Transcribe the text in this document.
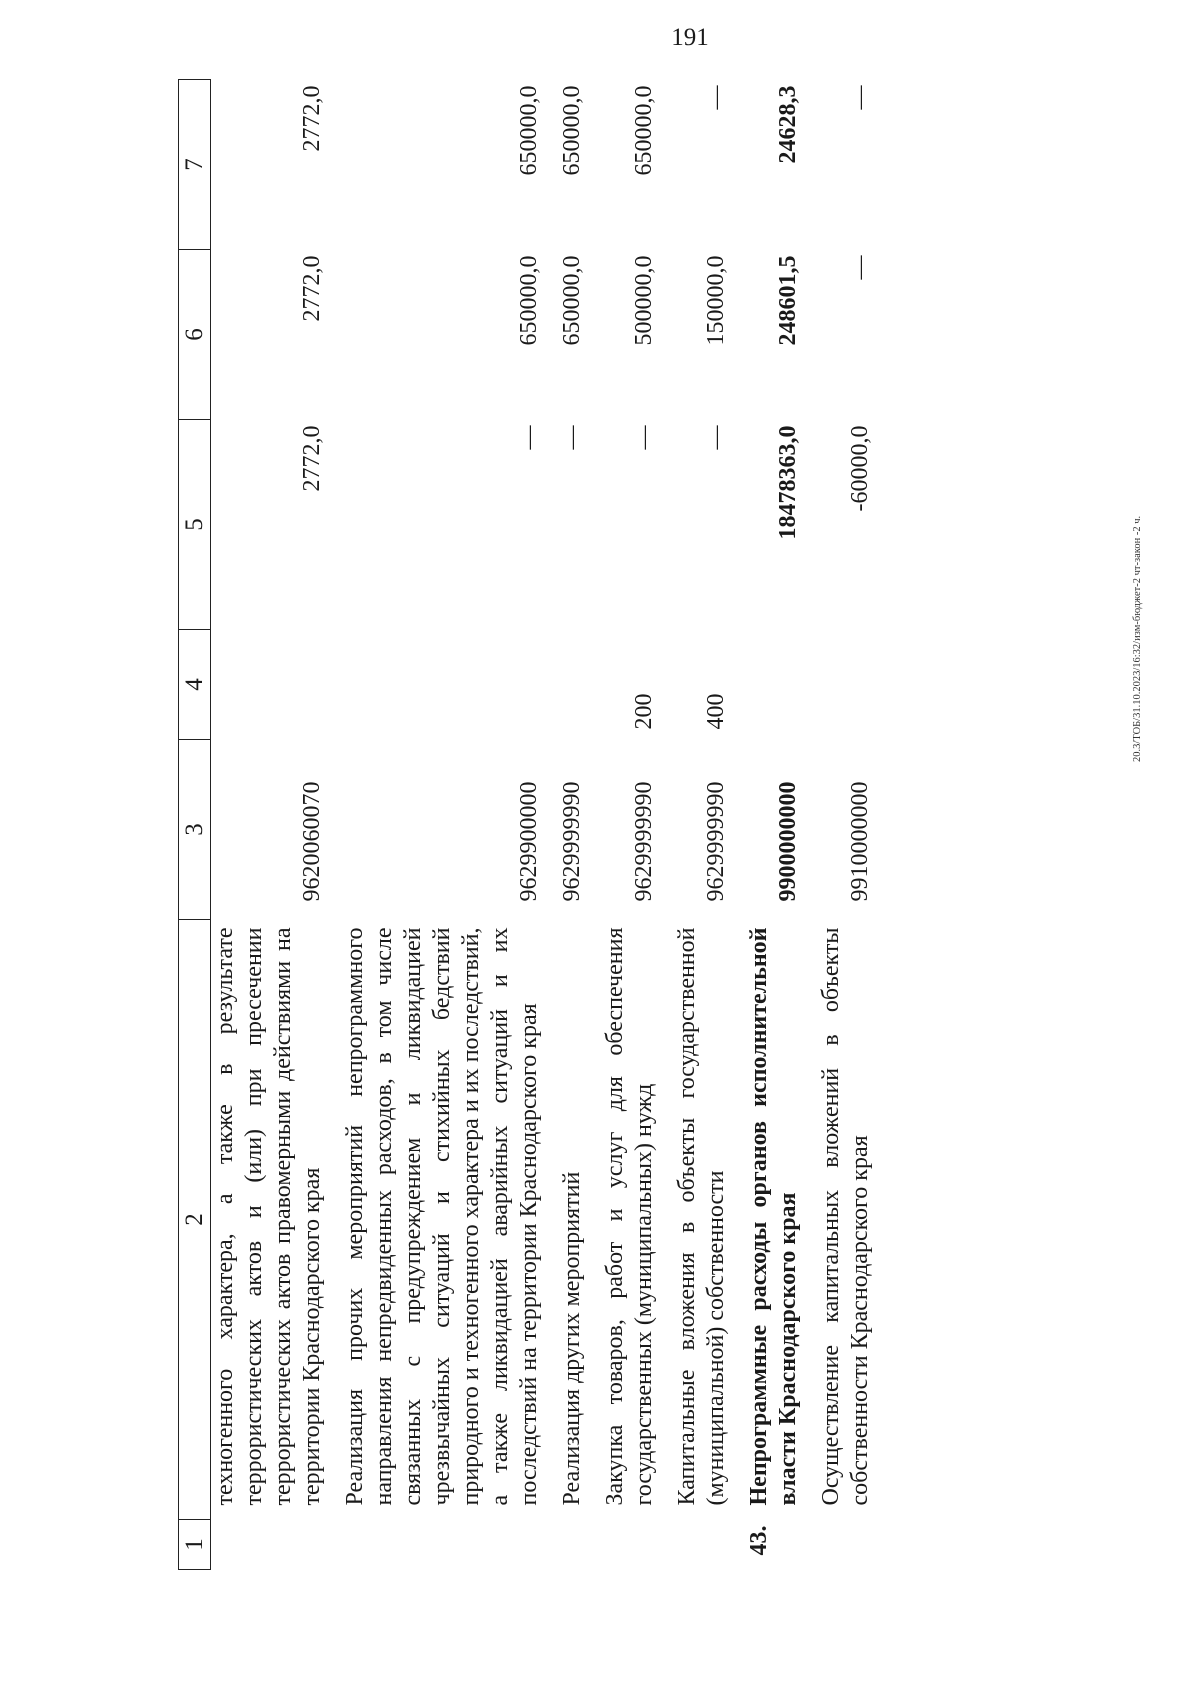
191
20.3/ТОБ/31.10.2023/16:32/изм-бюджет-2 чт-закон -2 ч.
1	2	3	4	5	6	7
	техногенного характера, а также в результате террористических актов и (или) при пресечении террористических актов правомерными действиями на территории Краснодарского края	9620060070		2772,0	2772,0	2772,0
	Реализация прочих мероприятий непрограммного направления непредвиденных расходов, в том числе связанных с предупреждением и ликвидацией чрезвычайных ситуаций и стихийных бедствий природного и техногенного характера и их последствий, а также ликвидацией аварийных ситуаций и их последствий на территории Краснодарского края	9629900000		—	650000,0	650000,0
	Реализация других мероприятий	9629999990		—	650000,0	650000,0
	Закупка товаров, работ и услуг для обеспечения государственных (муниципальных) нужд	9629999990	200	—	500000,0	650000,0
	Капитальные вложения в объекты государственной (муниципальной) собственности	9629999990	400	—	150000,0	—
43.	Непрограммные расходы органов исполнительной власти Краснодарского края	9900000000		18478363,0	248601,5	24628,3
	Осуществление капитальных вложений в объекты собственности Краснодарского края	9910000000		-60000,0	—	—
